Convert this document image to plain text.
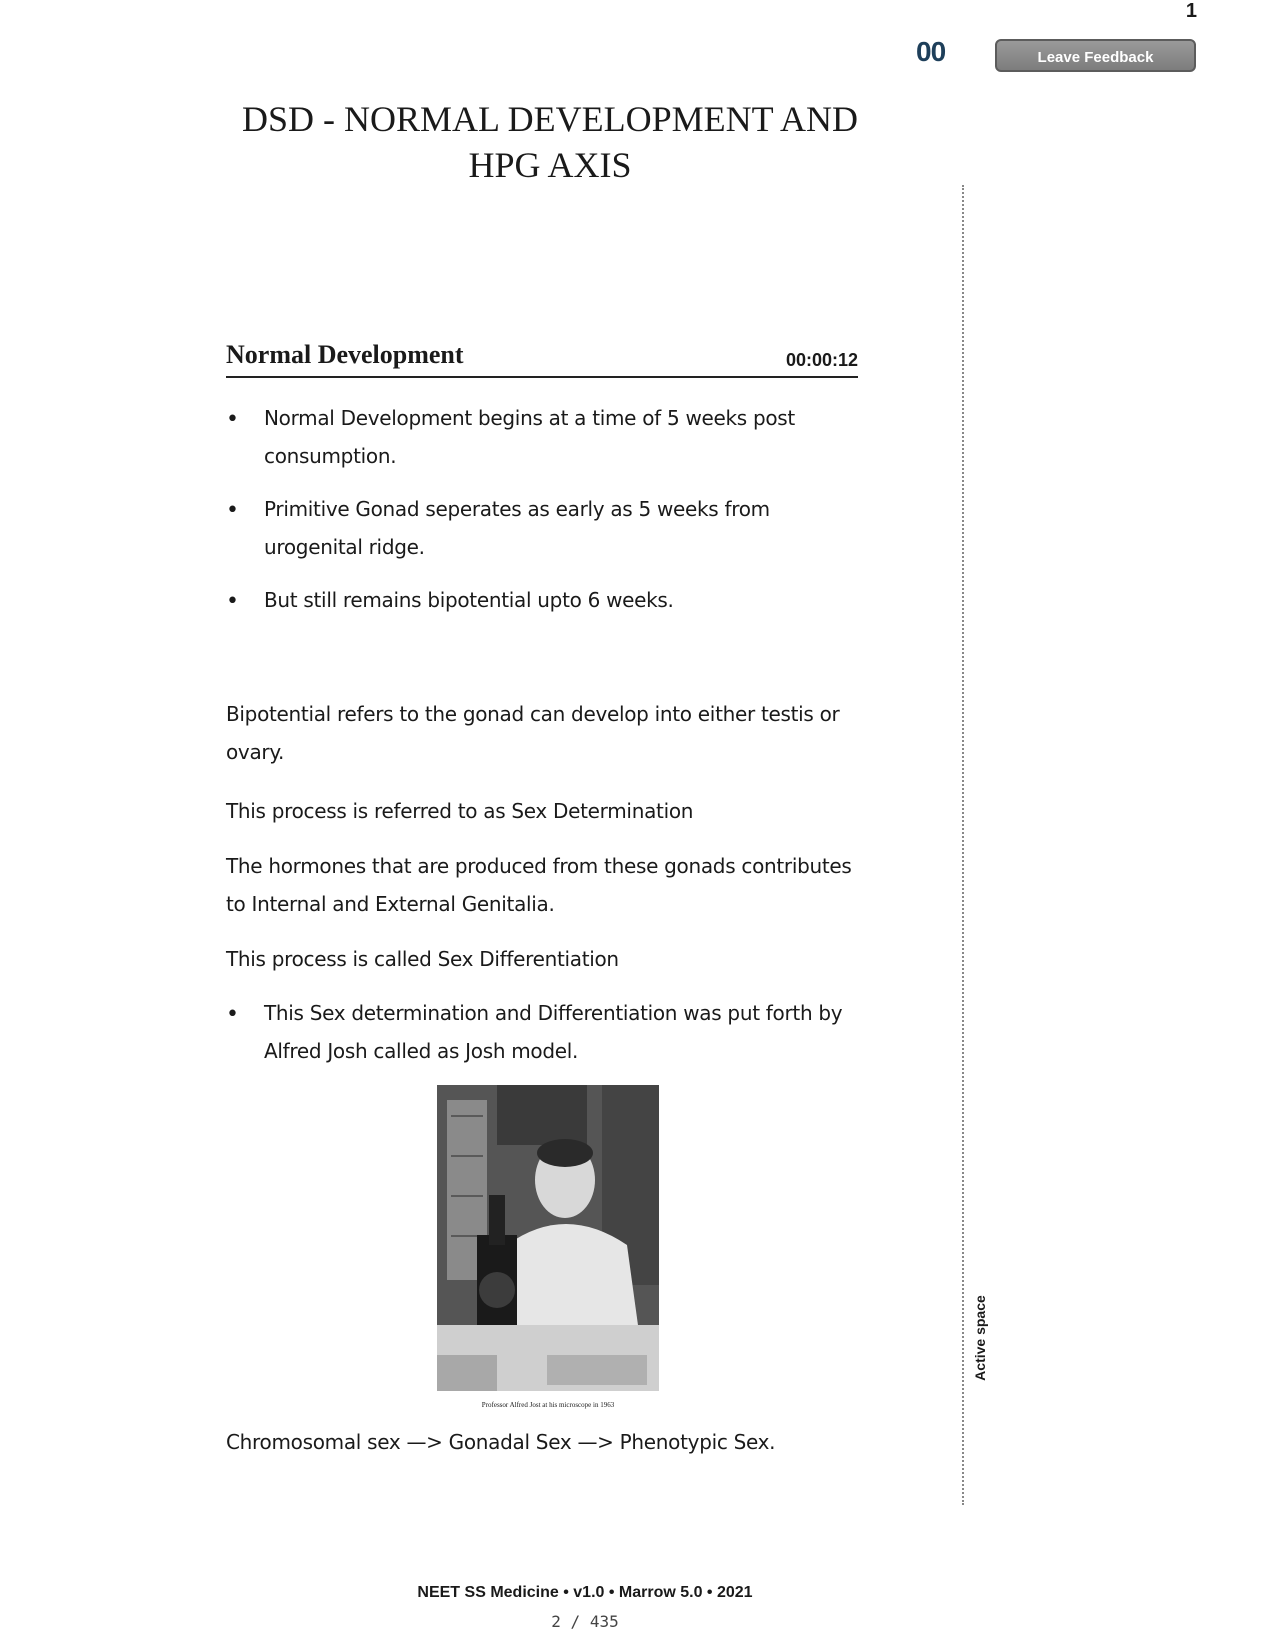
1
00	Leave Feedback
DSD - NORMAL DEVELOPMENT AND
HPG AXIS
Normal Development	00:00:12
• Normal Development begins at a time of 5 weeks post consumption.
• Primitive Gonad seperates as early as 5 weeks from urogenital ridge.
• But still remains bipotential upto 6 weeks.
Bipotential refers to the gonad can develop into either testis or ovary.
This process is referred to as Sex Determination
The hormones that are produced from these gonads contributes to Internal and External Genitalia.
This process is called Sex Differentiation
• This Sex determination and Differentiation was put forth by Alfred Josh called as Josh model.
Professor Alfred Jost at his microscope in 1963
Chromosomal sex —> Gonadal Sex —> Phenotypic Sex.
Active space
NEET SS Medicine • v1.0 • Marrow 5.0 • 2021
2 / 435
